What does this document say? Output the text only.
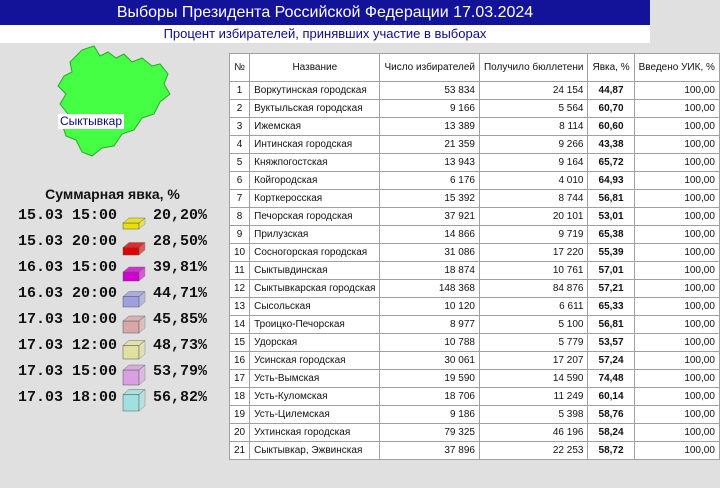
Выборы Президента Российской Федерации 17.03.2024
Процент избирателей, принявших участие в выборах
Сыктывкар
Суммарная явка, %
15.03 15:00 20,20%
15.03 20:00 28,50%
16.03 15:00 39,81%
16.03 20:00 44,71%
17.03 10:00 45,85%
17.03 12:00 48,73%
17.03 15:00 53,79%
17.03 18:00 56,82%
№	Название	Число избирателей	Получило бюллетени	Явка, %	Введено УИК, %
1	Воркутинская городская	53 834	24 154	44,87	100,00
2	Вуктыльская городская	9 166	5 564	60,70	100,00
3	Ижемская	13 389	8 114	60,60	100,00
4	Интинская городская	21 359	9 266	43,38	100,00
5	Княжпогостская	13 943	9 164	65,72	100,00
6	Койгородская	6 176	4 010	64,93	100,00
7	Корткеросская	15 392	8 744	56,81	100,00
8	Печорская городская	37 921	20 101	53,01	100,00
9	Прилузская	14 866	9 719	65,38	100,00
10	Сосногорская городская	31 086	17 220	55,39	100,00
11	Сыктывдинская	18 874	10 761	57,01	100,00
12	Сыктывкарская городская	148 368	84 876	57,21	100,00
13	Сысольская	10 120	6 611	65,33	100,00
14	Троицко-Печорская	8 977	5 100	56,81	100,00
15	Удорская	10 788	5 779	53,57	100,00
16	Усинская городская	30 061	17 207	57,24	100,00
17	Усть-Вымская	19 590	14 590	74,48	100,00
18	Усть-Куломская	18 706	11 249	60,14	100,00
19	Усть-Цилемская	9 186	5 398	58,76	100,00
20	Ухтинская городская	79 325	46 196	58,24	100,00
21	Сыктывкар, Эжвинская	37 896	22 253	58,72	100,00
